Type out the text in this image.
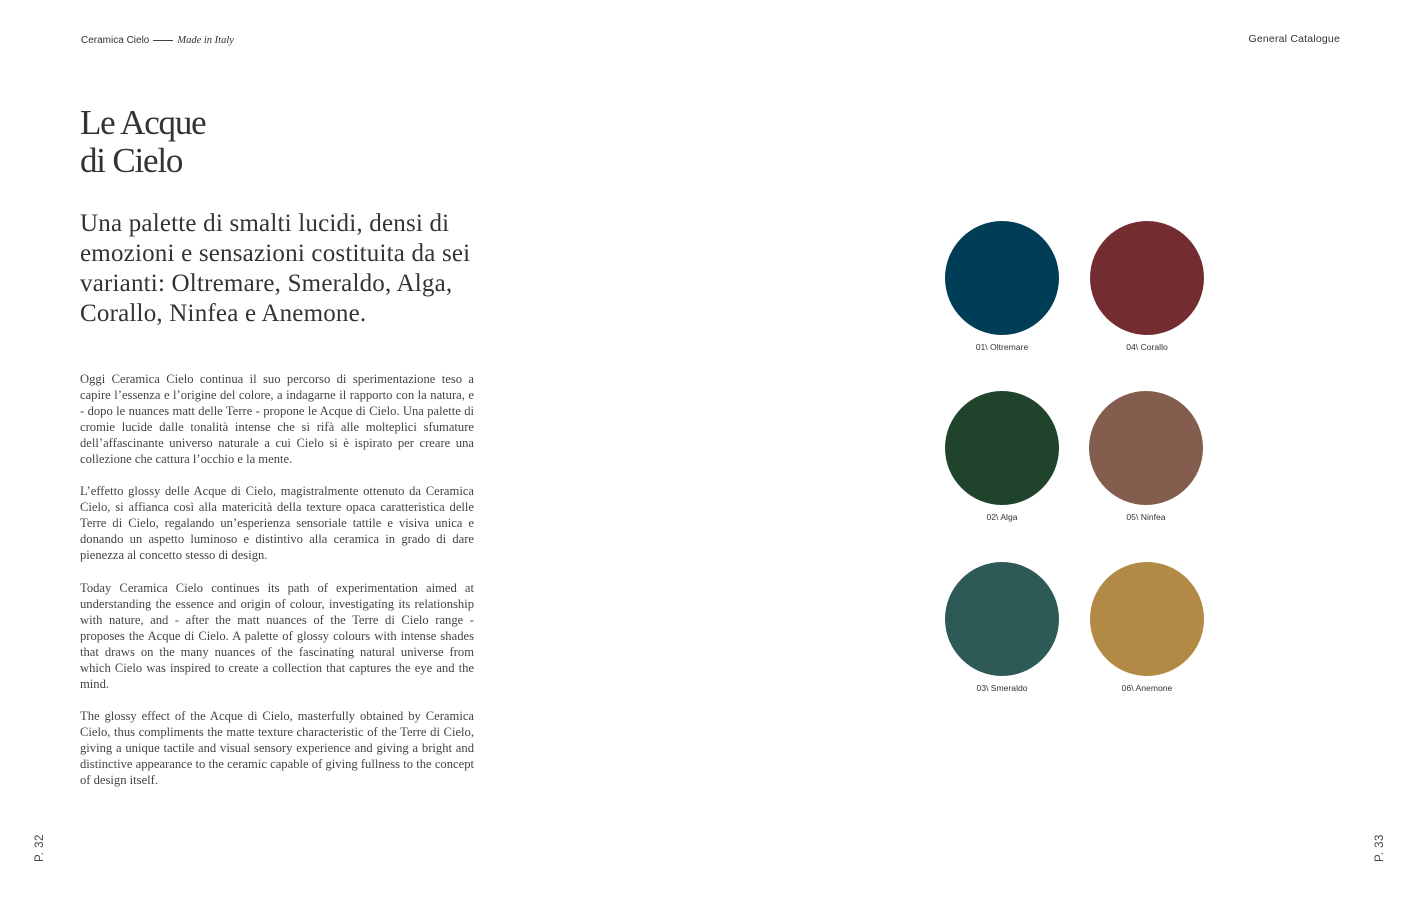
Ceramica Cielo	Made in Italy	General Catalogue
Le Acque
di Cielo

Una palette di smalti lucidi, densi di emozioni e sensazioni costituita da sei varianti: Oltremare, Smeraldo, Alga, Corallo, Ninfea e Anemone.

Oggi Ceramica Cielo continua il suo percorso di sperimentazione teso a capire l’essenza e l’origine del colore, a indagarne il rapporto con la natura, e - dopo le nuances matt delle Terre - propone le Acque di Cielo. Una palette di cromie lucide dalle tonalità intense che si rifà alle molteplici sfumature dell’affascinante universo naturale a cui Cielo si è ispirato per creare una collezione che cattura l’occhio e la mente.

L’effetto glossy delle Acque di Cielo, magistralmente ottenuto da Ceramica Cielo, si affianca così alla matericità della texture opaca caratteristica delle Terre di Cielo, regalando un’esperienza sensoriale tattile e visiva unica e donando un aspetto luminoso e distintivo alla ceramica in grado di dare pienezza al concetto stesso di design.

Today Ceramica Cielo continues its path of experimentation aimed at understanding the essence and origin of colour, investigating its relationship with nature, and - after the matt nuances of the Terre di Cielo range - proposes the Acque di Cielo. A palette of glossy colours with intense shades that draws on the many nuances of the fascinating natural universe from which Cielo was inspired to create a collection that captures the eye and the mind.

The glossy effect of the Acque di Cielo, masterfully obtained by Ceramica Cielo, thus compliments the matte texture characteristic of the Terre di Cielo, giving a unique tactile and visual sensory experience and giving a bright and distinctive appearance to the ceramic capable of giving fullness to the concept of design itself.

P. 32	P. 33
01\ Oltremare
02\ Alga
03\ Smeraldo
04\ Corallo
05\ Ninfea
06\ Anemone
